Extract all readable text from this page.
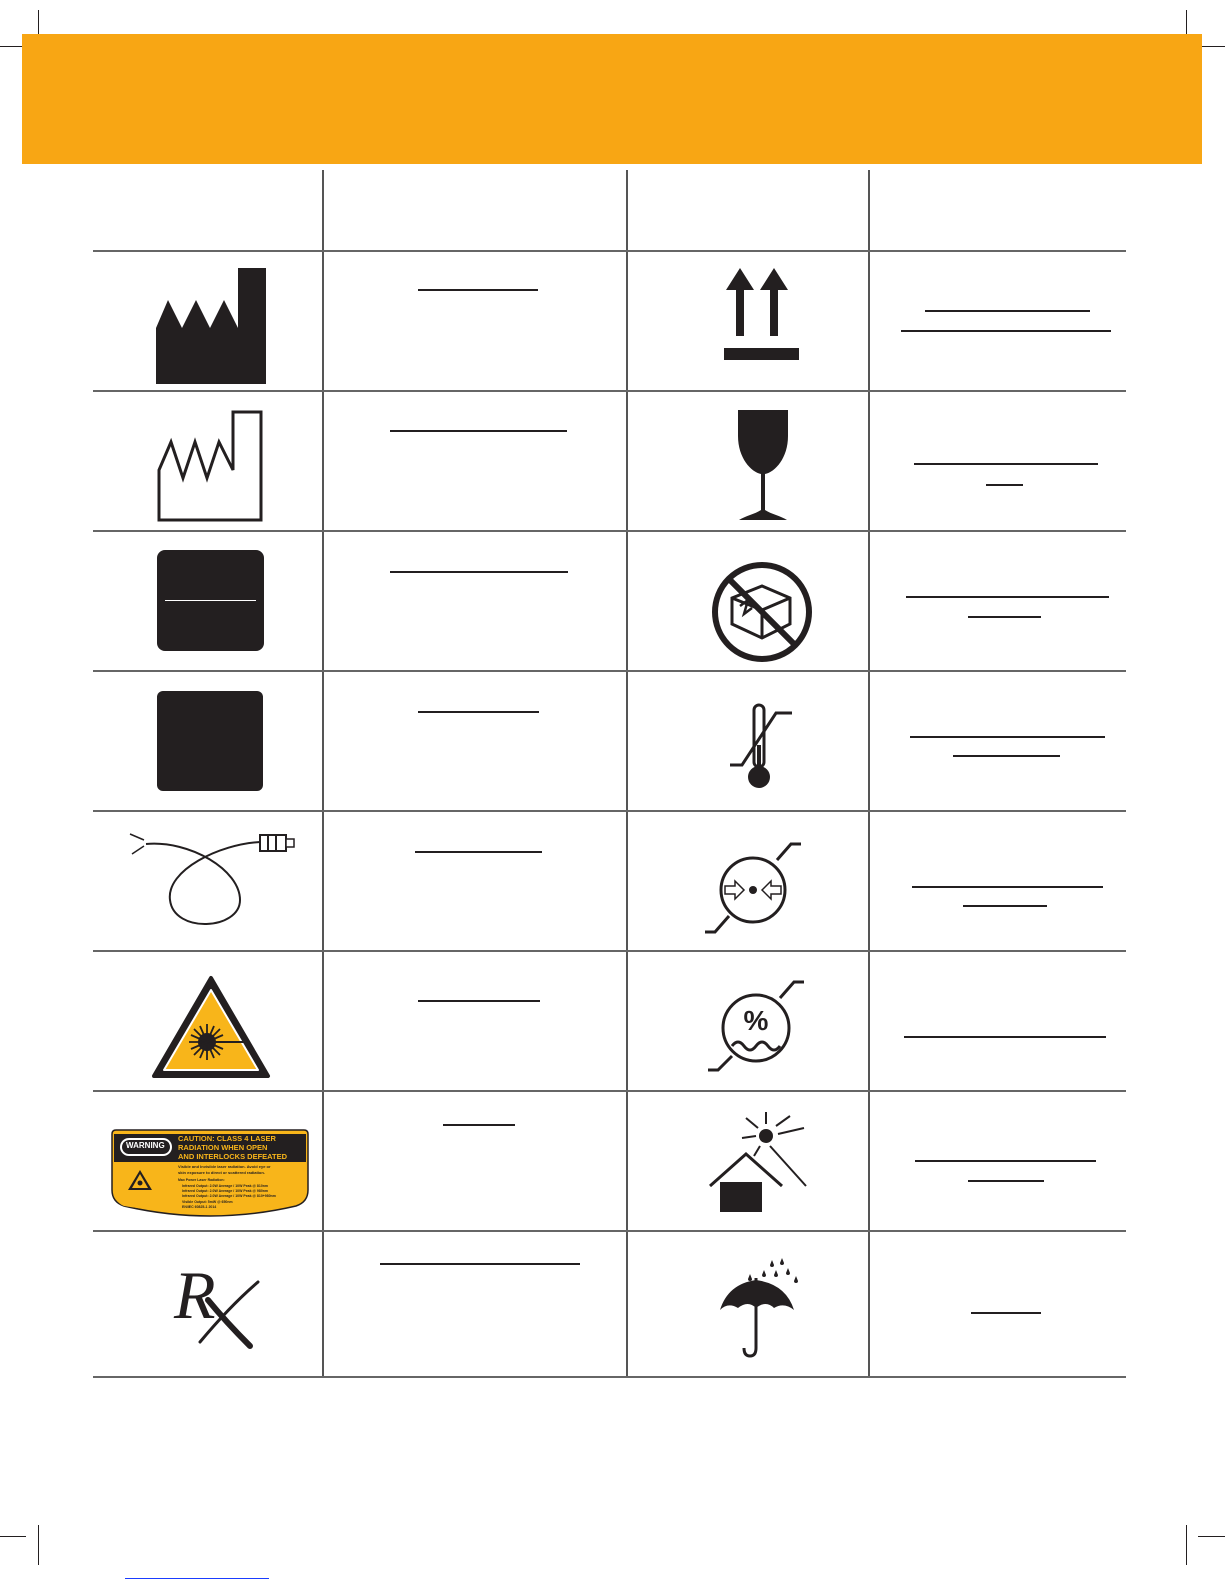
%
WARNING
CAUTION: CLASS 4 LASER
RADIATION WHEN OPEN
AND INTERLOCKS DEFEATED
Visible and Invisible laser radiation. Avoid eye or
skin exposure to direct or scattered radiation.
Max Power Laser Radiation:
Infrared Output: 2.0W Average / 10W Peak @ 810nm
Infrared Output: 2.0W Average / 10W Peak @ 980nm
Infrared Output: 2.0W Average / 10W Peak @ 810+980nm
Visible Output: 5mW @ 650nm
EN/IEC 60825-1 2014
R
